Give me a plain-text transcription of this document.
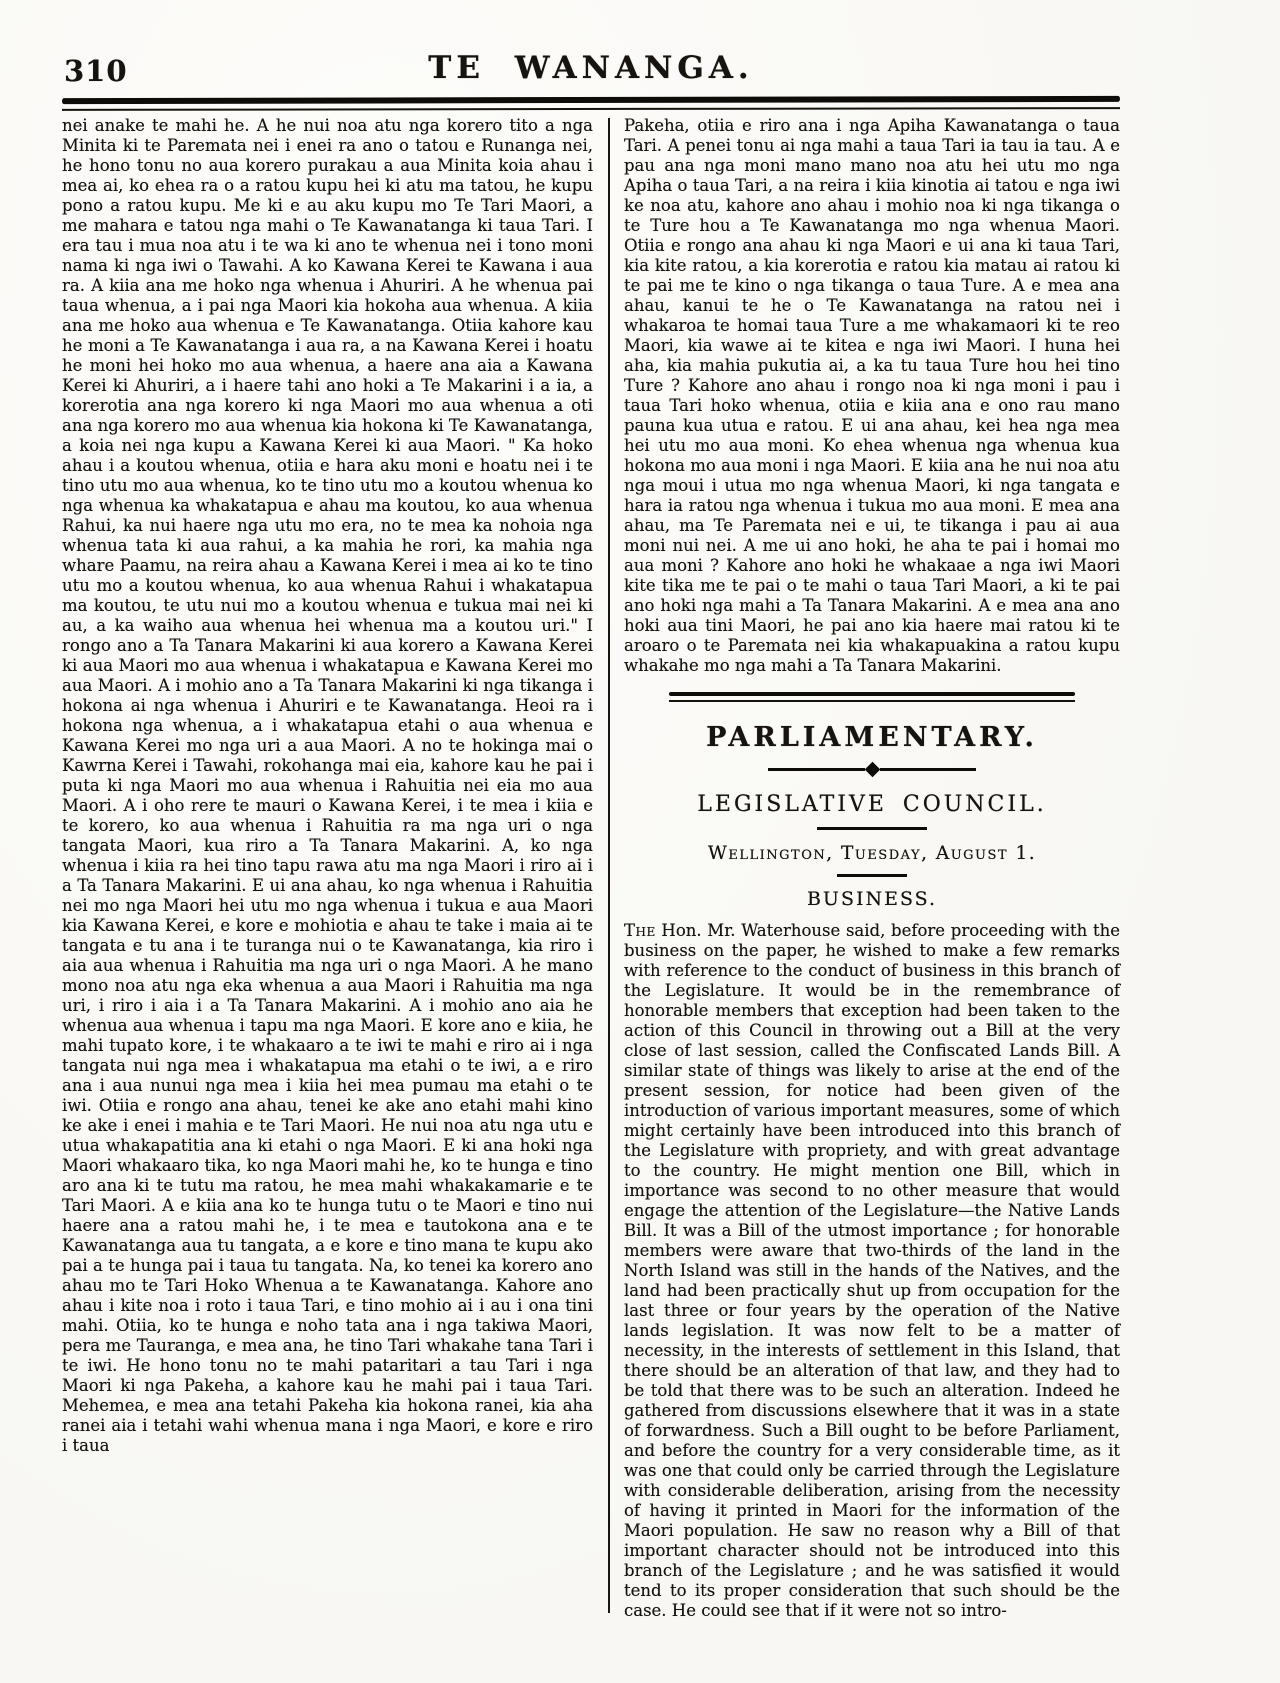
310	TE WANANGA.
nei anake te mahi he. A he nui noa atu nga korero tito a nga Minita ki te Paremata nei i enei ra ano o tatou e Runanga nei, he hono tonu no aua korero purakau a aua Minita koia ahau i mea ai, ko ehea ra o a ratou kupu hei ki atu ma tatou, he kupu pono a ratou kupu. Me ki e au aku kupu mo Te Tari Maori, a me mahara e tatou nga mahi o Te Kawanatanga ki taua Tari. I era tau i mua noa atu i te wa ki ano te whenua nei i tono moni nama ki nga iwi o Tawahi. A ko Kawana Kerei te Kawana i aua ra. A kiia ana me hoko nga whenua i Ahuriri. A he whenua pai taua whenua, a i pai nga Maori kia hokoha aua whenua. A kiia ana me hoko aua whenua e Te Kawanatanga. Otiia kahore kau he moni a Te Kawanatanga i aua ra, a na Kawana Kerei i hoatu he moni hei hoko mo aua whenua, a haere ana aia a Kawana Kerei ki Ahuriri, a i haere tahi ano hoki a Te Makarini i a ia, a korerotia ana nga korero ki nga Maori mo aua whenua a oti ana nga korero mo aua whenua kia hokona ki Te Kawanatanga, a koia nei nga kupu a Kawana Kerei ki aua Maori. " Ka hoko ahau i a koutou whenua, otiia e hara aku moni e hoatu nei i te tino utu mo aua whenua, ko te tino utu mo a koutou whenua ko nga whenua ka whakatapua e ahau ma koutou, ko aua whenua Rahui, ka nui haere nga utu mo era, no te mea ka nohoia nga whenua tata ki aua rahui, a ka mahia he rori, ka mahia nga whare Paamu, na reira ahau a Kawana Kerei i mea ai ko te tino utu mo a koutou whenua, ko aua whenua Rahui i whakatapua ma koutou, te utu nui mo a koutou whenua e tukua mai nei ki au, a ka waiho aua whenua hei whenua ma a koutou uri." I rongo ano a Ta Tanara Makarini ki aua korero a Kawana Kerei ki aua Maori mo aua whenua i whakatapua e Kawana Kerei mo aua Maori. A i mohio ano a Ta Tanara Makarini ki nga tikanga i hokona ai nga whenua i Ahuriri e te Kawanatanga. Heoi ra i hokona nga whenua, a i whakatapua etahi o aua whenua e Kawana Kerei mo nga uri a aua Maori. A no te hokinga mai o Kawrna Kerei i Tawahi, rokohanga mai eia, kahore kau he pai i puta ki nga Maori mo aua whenua i Rahuitia nei eia mo aua Maori. A i oho rere te mauri o Kawana Kerei, i te mea i kiia e te korero, ko aua whenua i Rahuitia ra ma nga uri o nga tangata Maori, kua riro a Ta Tanara Makarini. A, ko nga whenua i kiia ra hei tino tapu rawa atu ma nga Maori i riro ai i a Ta Tanara Makarini. E ui ana ahau, ko nga whenua i Rahuitia nei mo nga Maori hei utu mo nga whenua i tukua e aua Maori kia Kawana Kerei, e kore e mohiotia e ahau te take i maia ai te tangata e tu ana i te turanga nui o te Kawanatanga, kia riro i aia aua whenua i Rahuitia ma nga uri o nga Maori. A he mano mono noa atu nga eka whenua a aua Maori i Rahuitia ma nga uri, i riro i aia i a Ta Tanara Makarini. A i mohio ano aia he whenua aua whenua i tapu ma nga Maori. E kore ano e kiia, he mahi tupato kore, i te whakaaro a te iwi te mahi e riro ai i nga tangata nui nga mea i whakatapua ma etahi o te iwi, a e riro ana i aua nunui nga mea i kiia hei mea pumau ma etahi o te iwi. Otiia e rongo ana ahau, tenei ke ake ano etahi mahi kino ke ake i enei i mahia e te Tari Maori. He nui noa atu nga utu e utua whakapatitia ana ki etahi o nga Maori. E ki ana hoki nga Maori whakaaro tika, ko nga Maori mahi he, ko te hunga e tino aro ana ki te tutu ma ratou, he mea mahi whakakamarie e te Tari Maori. A e kiia ana ko te hunga tutu o te Maori e tino nui haere ana a ratou mahi he, i te mea e tautokona ana e te Kawanatanga aua tu tangata, a e kore e tino mana te kupu ako pai a te hunga pai i taua tu tangata. Na, ko tenei ka korero ano ahau mo te Tari Hoko Whenua a te Kawanatanga. Kahore ano ahau i kite noa i roto i taua Tari, e tino mohio ai i au i ona tini mahi. Otiia, ko te hunga e noho tata ana i nga takiwa Maori, pera me Tauranga, e mea ana, he tino Tari whakahe tana Tari i te iwi. He hono tonu no te mahi pataritari a tau Tari i nga Maori ki nga Pakeha, a kahore kau he mahi pai i taua Tari. Mehemea, e mea ana tetahi Pakeha kia hokona ranei, kia aha ranei aia i tetahi wahi whenua mana i nga Maori, e kore e riro i taua
Pakeha, otiia e riro ana i nga Apiha Kawanatanga o taua Tari. A penei tonu ai nga mahi a taua Tari ia tau ia tau. A e pau ana nga moni mano mano noa atu hei utu mo nga Apiha o taua Tari, a na reira i kiia kinotia ai tatou e nga iwi ke noa atu, kahore ano ahau i mohio noa ki nga tikanga o te Ture hou a Te Kawanatanga mo nga whenua Maori. Otiia e rongo ana ahau ki nga Maori e ui ana ki taua Tari, kia kite ratou, a kia korerotia e ratou kia matau ai ratou ki te pai me te kino o nga tikanga o taua Ture. A e mea ana ahau, kanui te he o Te Kawanatanga na ratou nei i whakaroa te homai taua Ture a me whakamaori ki te reo Maori, kia wawe ai te kitea e nga iwi Maori. I huna hei aha, kia mahia pukutia ai, a ka tu taua Ture hou hei tino Ture ? Kahore ano ahau i rongo noa ki nga moni i pau i taua Tari hoko whenua, otiia e kiia ana e ono rau mano pauna kua utua e ratou. E ui ana ahau, kei hea nga mea hei utu mo aua moni. Ko ehea whenua nga whenua kua hokona mo aua moni i nga Maori. E kiia ana he nui noa atu nga moui i utua mo nga whenua Maori, ki nga tangata e hara ia ratou nga whenua i tukua mo aua moni. E mea ana ahau, ma Te Paremata nei e ui, te tikanga i pau ai aua moni nui nei. A me ui ano hoki, he aha te pai i homai mo aua moni ? Kahore ano hoki he whakaae a nga iwi Maori kite tika me te pai o te mahi o taua Tari Maori, a ki te pai ano hoki nga mahi a Ta Tanara Makarini. A e mea ana ano hoki aua tini Maori, he pai ano kia haere mai ratou ki te aroaro o te Paremata nei kia whakapuakina a ratou kupu whakahe mo nga mahi a Ta Tanara Makarini.
PARLIAMENTARY.
LEGISLATIVE COUNCIL.
Wellington, Tuesday, August 1.
BUSINESS.
The Hon. Mr. Waterhouse said, before proceeding with the business on the paper, he wished to make a few remarks with reference to the conduct of business in this branch of the Legislature. It would be in the remembrance of honorable members that exception had been taken to the action of this Council in throwing out a Bill at the very close of last session, called the Confiscated Lands Bill. A similar state of things was likely to arise at the end of the present session, for notice had been given of the introduction of various important measures, some of which might certainly have been introduced into this branch of the Legislature with propriety, and with great advantage to the country. He might mention one Bill, which in importance was second to no other measure that would engage the attention of the Legislature—the Native Lands Bill. It was a Bill of the utmost importance ; for honorable members were aware that two-thirds of the land in the North Island was still in the hands of the Natives, and the land had been practically shut up from occupation for the last three or four years by the operation of the Native lands legislation. It was now felt to be a matter of necessity, in the interests of settlement in this Island, that there should be an alteration of that law, and they had to be told that there was to be such an alteration. Indeed he gathered from discussions elsewhere that it was in a state of forwardness. Such a Bill ought to be before Parliament, and before the country for a very considerable time, as it was one that could only be carried through the Legislature with considerable deliberation, arising from the necessity of having it printed in Maori for the information of the Maori population. He saw no reason why a Bill of that important character should not be introduced into this branch of the Legislature ; and he was satisfied it would tend to its proper consideration that such should be the case. He could see that if it were not so intro-
